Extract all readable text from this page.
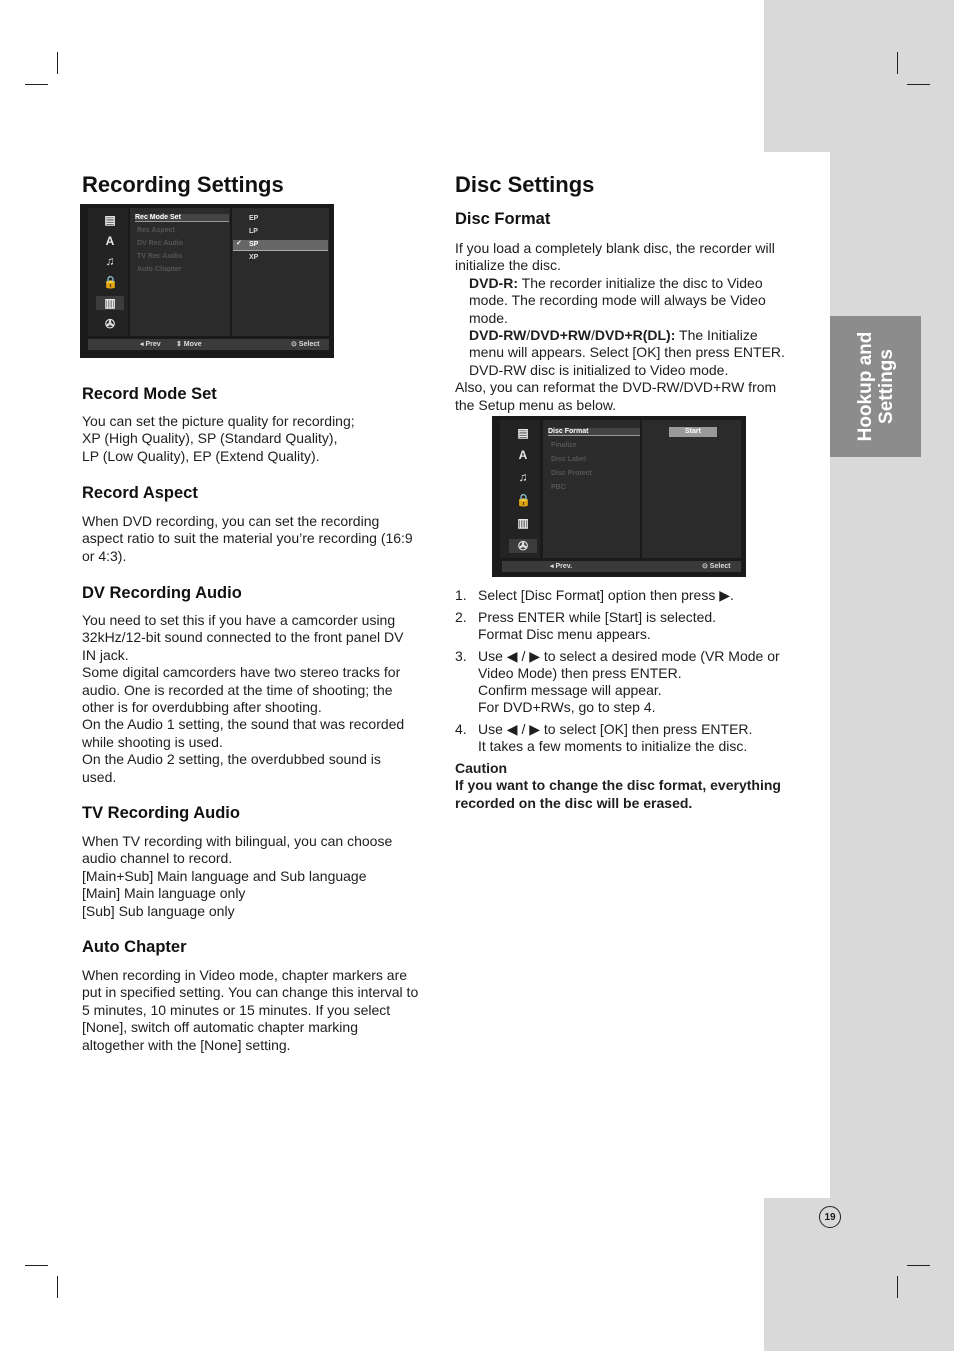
Hookup and Settings
19
Recording Settings
▤
A
♫
🔒
▥
✇
Rec Mode Set
Rec Aspect
DV Rec Audio
TV Rec Audio
Auto Chapter
EP
LP
✓ SP
XP
◂ Prev ⇕ Move	⊙ Select
Record Mode Set

You can set the picture quality for recording;

XP (High Quality), SP (Standard Quality),

LP (Low Quality), EP (Extend Quality).

Record Aspect

When DVD recording, you can set the recording

aspect ratio to suit the material you’re recording (16:9

or 4:3).

DV Recording Audio

You need to set this if you have a camcorder using

32kHz/12-bit sound connected to the front panel DV

IN jack.

Some digital camcorders have two stereo tracks for

audio. One is recorded at the time of shooting; the

other is for overdubbing after shooting.

On the Audio 1 setting, the sound that was recorded

while shooting is used.

On the Audio 2 setting, the overdubbed sound is

used.

TV Recording Audio

When TV recording with bilingual, you can choose

audio channel to record.

[Main+Sub] Main language and Sub language

[Main] Main language only

[Sub] Sub language only

Auto Chapter

When recording in Video mode, chapter markers are

put in specified setting. You can change this interval to

5 minutes, 10 minutes or 15 minutes. If you select

[None], switch off automatic chapter marking

altogether with the [None] setting.

Disc Settings
Disc Format

If you load a completely blank disc, the recorder will

initialize the disc.

DVD-R: The recorder initialize the disc to Video

mode. The recording mode will always be Video

mode.

DVD-RW/DVD+RW/DVD+R(DL): The Initialize

menu will appears. Select [OK] then press ENTER.

DVD-RW disc is initialized to Video mode.

Also, you can reformat the DVD-RW/DVD+RW from

the Setup menu as below.

▤
A
♫
🔒
▥
✇
Disc Format
Finalize
Disc Label
Disc Protect
PBC
Start
◂ Prev.	⊙ Select
1. Select [Disc Format] option then press ▶.
2. Press ENTER while [Start] is selected.
Format Disc menu appears.
3. Use ◀ / ▶ to select a desired mode (VR Mode or
Video Mode) then press ENTER.
Confirm message will appear.
For DVD+RWs, go to step 4.
4. Use ◀ / ▶ to select [OK] then press ENTER.
It takes a few moments to initialize the disc.

Caution

If you want to change the disc format, everything

recorded on the disc will be erased.
